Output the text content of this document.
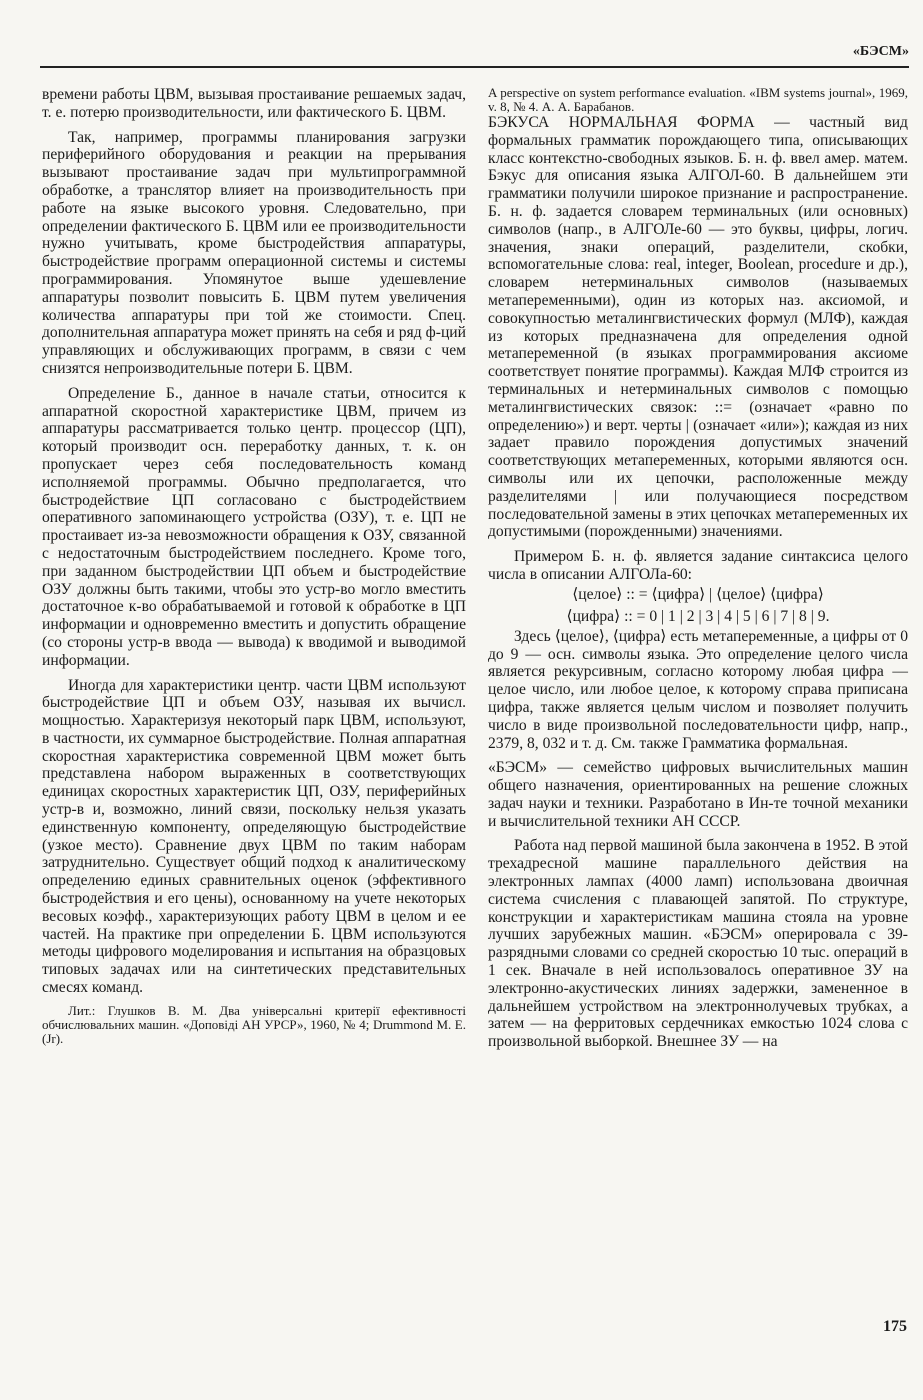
«БЭСМ»

времени работы ЦВМ, вызывая простаивание решаемых задач, т. е. потерю производительности, или фактического Б. ЦВМ.

Так, например, программы планирования загрузки периферийного оборудования и реакции на прерывания вызывают простаивание задач при мультипрограммной обработке, а транслятор влияет на производительность при работе на языке высокого уровня. Следовательно, при определении фактического Б. ЦВМ или ее производительности нужно учитывать, кроме быстродействия аппаратуры, быстродействие программ операционной системы и системы программирования. Упомянутое выше удешевление аппаратуры позволит повысить Б. ЦВМ путем увеличения количества аппаратуры при той же стоимости. Спец. дополнительная аппаратура может принять на себя и ряд ф-ций управляющих и обслуживающих программ, в связи с чем снизятся непроизводительные потери Б. ЦВМ.

Определение Б., данное в начале статьи, относится к аппаратной скоростной характеристике ЦВМ, причем из аппаратуры рассматривается только центр. процессор (ЦП), который производит осн. переработку данных, т. к. он пропускает через себя последовательность команд исполняемой программы. Обычно предполагается, что быстродействие ЦП согласовано с быстродействием оперативного запоминающего устройства (ОЗУ), т. е. ЦП не простаивает из-за невозможности обращения к ОЗУ, связанной с недостаточным быстродействием последнего. Кроме того, при заданном быстродействии ЦП объем и быстродействие ОЗУ должны быть такими, чтобы это устр-во могло вместить достаточное к-во обрабатываемой и готовой к обработке в ЦП информации и одновременно вместить и допустить обращение (со стороны устр-в ввода — вывода) к вводимой и выводимой информации.

Иногда для характеристики центр. части ЦВМ используют быстродействие ЦП и объем ОЗУ, называя их вычисл. мощностью. Характеризуя некоторый парк ЦВМ, используют, в частности, их суммарное быстродействие. Полная аппаратная скоростная характеристика современной ЦВМ может быть представлена набором выраженных в соответствующих единицах скоростных характеристик ЦП, ОЗУ, периферийных устр-в и, возможно, линий связи, поскольку нельзя указать единственную компоненту, определяющую быстродействие (узкое место). Сравнение двух ЦВМ по таким наборам затруднительно. Существует общий подход к аналитическому определению единых сравнительных оценок (эффективного быстродействия и его цены), основанному на учете некоторых весовых коэфф., характеризующих работу ЦВМ в целом и ее частей. На практике при определении Б. ЦВМ используются методы цифрового моделирования и испытания на образцовых типовых задачах или на синтетических представительных смесях команд.

Лит.: Глушков В. М. Два універсальні критерії ефективності обчислювальних машин. «Доповіді АН УРСР», 1960, № 4; Drummond M. E. (Jr).

A perspective on system performance evaluation. «IBM systems journal», 1969, v. 8, № 4. А. А. Барабанов.

БЭКУСА НОРМАЛЬНАЯ ФОРМА — частный вид формальных грамматик порождающего типа, описывающих класс контекстно-свободных языков. Б. н. ф. ввел амер. матем. Бэкус для описания языка АЛГОЛ-60. В дальнейшем эти грамматики получили широкое признание и распространение. Б. н. ф. задается словарем терминальных (или основных) символов (напр., в АЛГОЛе-60 — это буквы, цифры, логич. значения, знаки операций, разделители, скобки, вспомогательные слова: real, integer, Boolean, procedure и др.), словарем нетерминальных символов (называемых метапеременными), один из которых наз. аксиомой, и совокупностью металингвистических формул (МЛФ), каждая из которых предназначена для определения одной метапеременной (в языках программирования аксиоме соответствует понятие программы). Каждая МЛФ строится из терминальных и нетерминальных символов с помощью металингвистических связок: ::= (означает «равно по определению») и верт. черты | (означает «или»); каждая из них задает правило порождения допустимых значений соответствующих метапеременных, которыми являются осн. символы или их цепочки, расположенные между разделителями | или получающиеся посредством последовательной замены в этих цепочках метапеременных их допустимыми (порожденными) значениями.

Примером Б. н. ф. является задание синтаксиса целого числа в описании АЛГОЛа-60:

⟨целое⟩ :: = ⟨цифра⟩ | ⟨целое⟩ ⟨цифра⟩

⟨цифра⟩ :: = 0 | 1 | 2 | 3 | 4 | 5 | 6 | 7 | 8 | 9.

Здесь ⟨целое⟩, ⟨цифра⟩ есть метапеременные, а цифры от 0 до 9 — осн. символы языка. Это определение целого числа является рекурсивным, согласно которому любая цифра — целое число, или любое целое, к которому справа приписана цифра, также является целым числом и позволяет получить число в виде произвольной последовательности цифр, напр., 2379, 8, 032 и т. д. См. также Грамматика формальная.

«БЭСМ» — семейство цифровых вычислительных машин общего назначения, ориентированных на решение сложных задач науки и техники. Разработано в Ин-те точной механики и вычислительной техники АН СССР.

Работа над первой машиной была закончена в 1952. В этой трехадресной машине параллельного действия на электронных лампах (4000 ламп) использована двоичная система счисления с плавающей запятой. По структуре, конструкции и характеристикам машина стояла на уровне лучших зарубежных машин. «БЭСМ» оперировала с 39-разрядными словами со средней скоростью 10 тыс. операций в 1 сек. Вначале в ней использовалось оперативное ЗУ на электронно-акустических линиях задержки, замененное в дальнейшем устройством на электроннолучевых трубках, а затем — на ферритовых сердечниках емкостью 1024 слова с произвольной выборкой. Внешнее ЗУ — на

175
